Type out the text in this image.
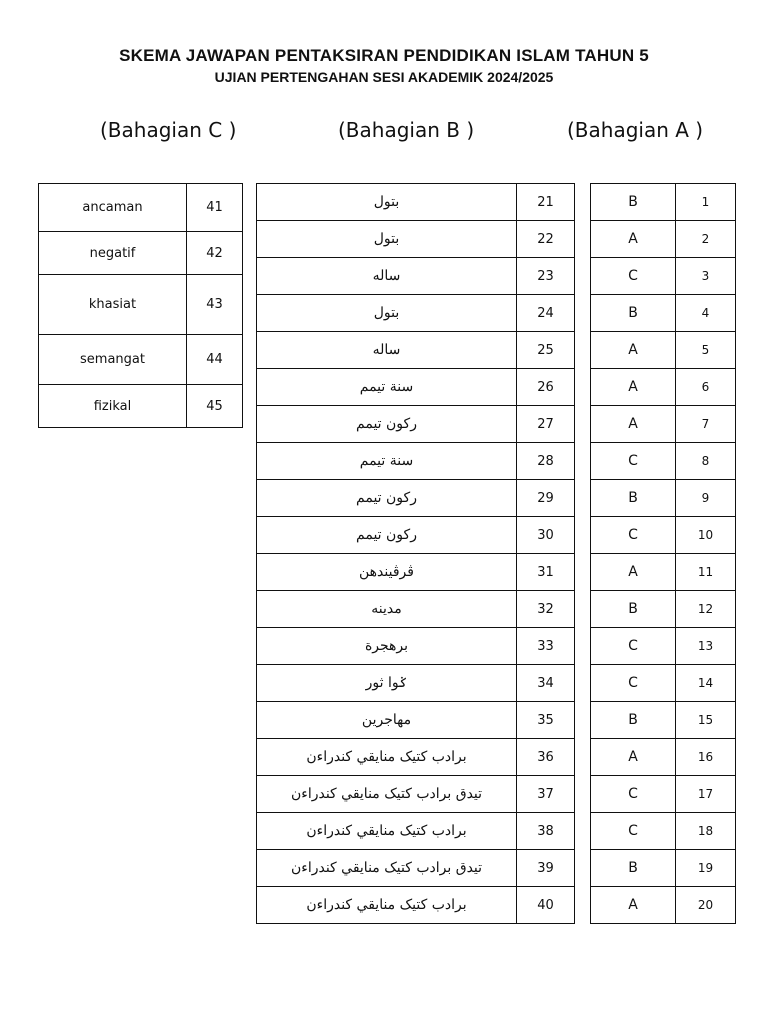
SKEMA JAWAPAN PENTAKSIRAN PENDIDIKAN ISLAM TAHUN 5
UJIAN PERTENGAHAN SESI AKADEMIK 2024/2025
(Bahagian C )	(Bahagian B )	(Bahagian A )
ancaman	41
negatif	42
khasiat	43
semangat	44
fizikal	45
بتول	21
بتول	22
ساله	23
بتول	24
ساله	25
سنة تيمم	26
رکون تيمم	27
سنة تيمم	28
رکون تيمم	29
رکون تيمم	30
ڤرڤيندهن	31
مدينه	32
برهجرة	33
ݢوا ثور	34
مهاجرين	35
برادب کتيک منايقي کندراءن	36
تيدق برادب کتيک منايقي کندراءن	37
برادب کتيک منايقي کندراءن	38
تيدق برادب کتيک منايقي کندراءن	39
برادب کتيک منايقي کندراءن	40
B	1
A	2
C	3
B	4
A	5
A	6
A	7
C	8
B	9
C	10
A	11
B	12
C	13
C	14
B	15
A	16
C	17
C	18
B	19
A	20
